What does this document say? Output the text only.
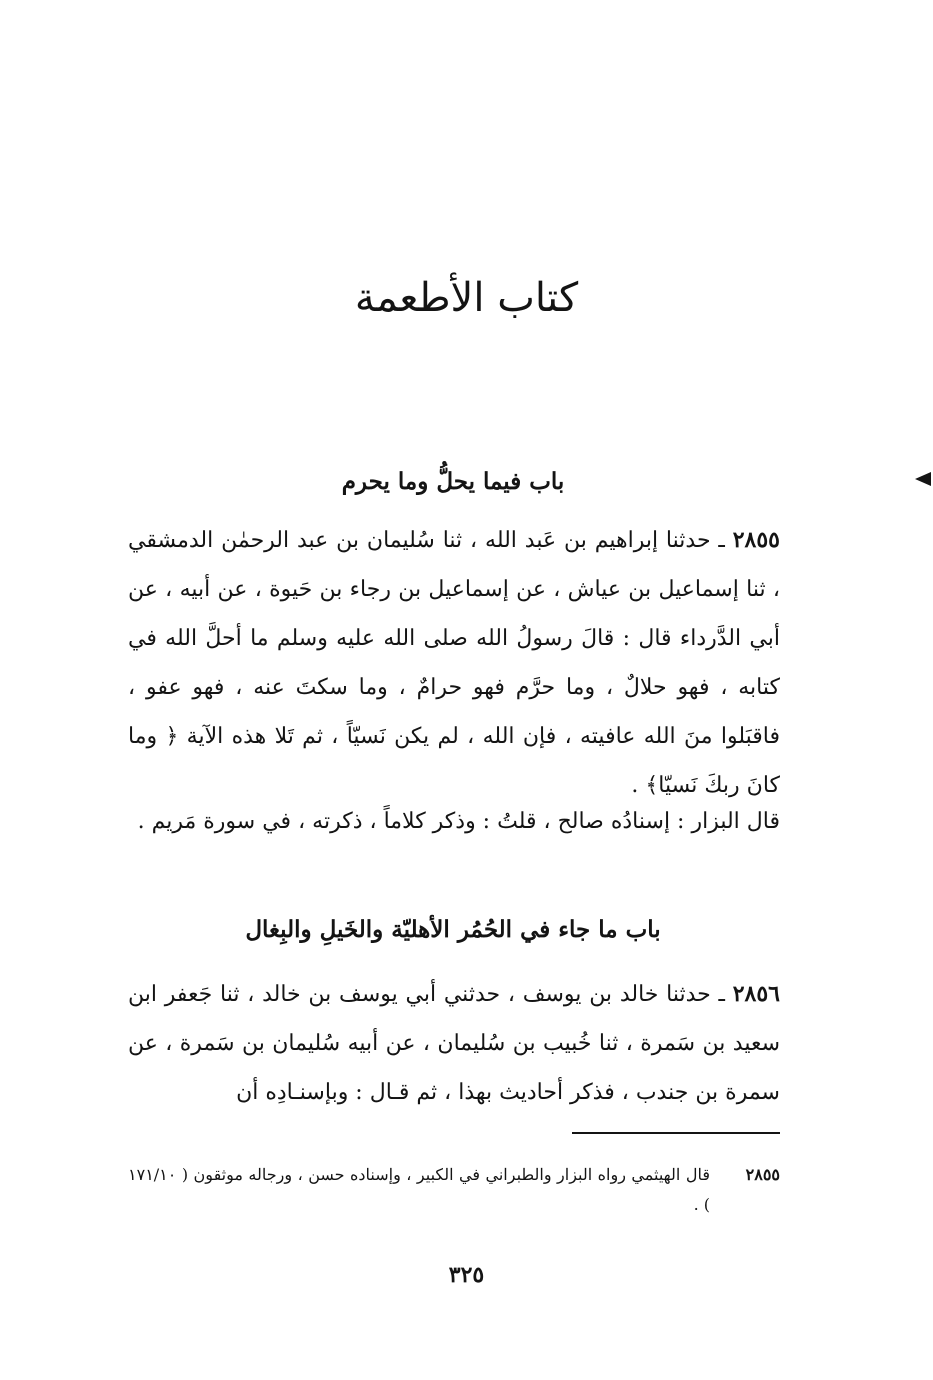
كتاب الأطعمة
باب فيما يحلُّ وما يحرم

٢٨٥٥ ـ حدثنا إبراهيم بن عَبد الله ، ثنا سُليمان بن عبد الرحمٰن الدمشقي ، ثنا إسماعيل بن عياش ، عن إسماعيل بن رجاء بن حَيوة ، عن أبيه ، عن أبي الدَّرداء قال : قالَ رسولُ الله صلى الله عليه وسلم ما أحلَّ الله في كتابه ، فهو حلالٌ ، وما حرَّم فهو حرامٌ ، وما سكتَ عنه ، فهو عفو ، فاقبَلوا منَ الله عافيته ، فإن الله ، لم يكن نَسيّاً ، ثم تَلا هذه الآية ﴿ وما كانَ ربكَ نَسيّا﴾ .

قال البزار : إسنادُه صالح ، قلتُ : وذكر كلاماً ، ذكرته ، في سورة مَريم .

باب ما جاء في الحُمُر الأهليّة والخَيلِ والبِغال

٢٨٥٦ ـ حدثنا خالد بن يوسف ، حدثني أبي يوسف بن خالد ، ثنا جَعفر ابن سعيد بن سَمرة ، ثنا خُبيب بن سُليمان ، عن أبيه سُليمان بن سَمرة ، عن سمرة بن جندب ، فذكر أحاديث بهذا ، ثم قـال : وبإسنـادِه أن

٢٨٥٥

قال الهيثمي رواه البزار والطبراني في الكبير ، وإسناده حسن ، ورجاله موثقون ( ١٧١/١٠ ) .

٣٢٥
